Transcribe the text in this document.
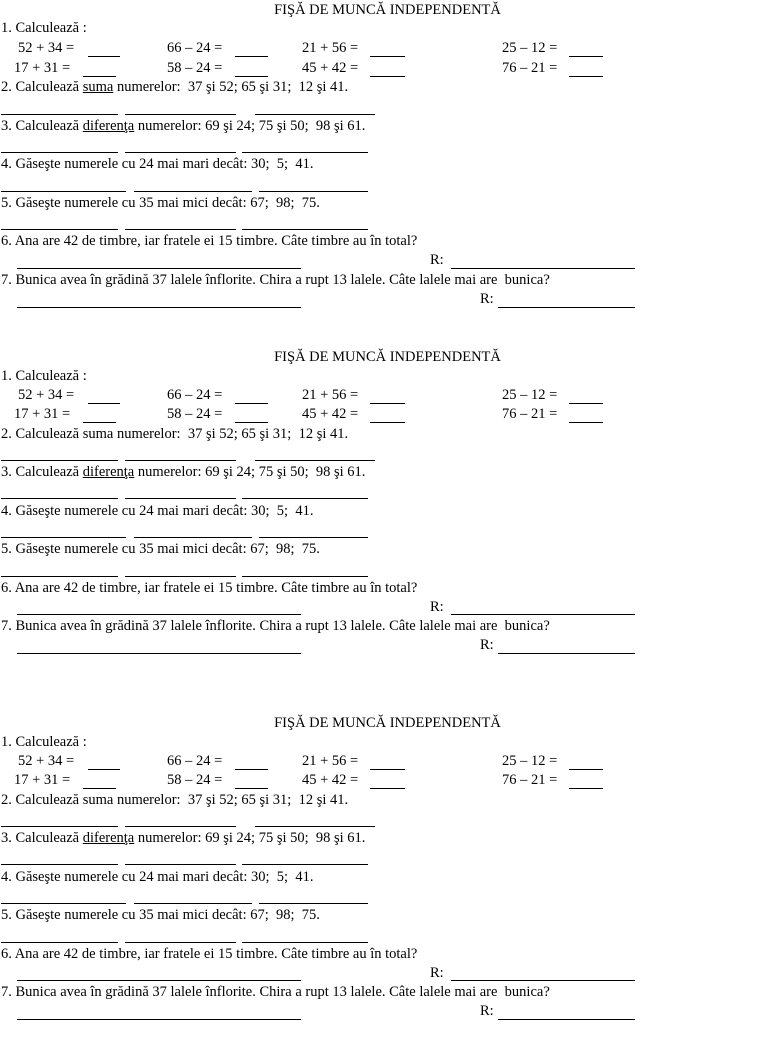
FIŞĂ DE MUNCĂ INDEPENDENTĂ
1. Calculează :
52 + 34 =	66 – 24 =	21 + 56 =	25 – 12 =
17 + 31 =	58 – 24 =	45 + 42 =	76 – 21 =
2. Calculează suma numerelor:  37 şi 52; 65 şi 31;  12 şi 41.
3. Calculează diferenţa numerelor: 69 şi 24; 75 şi 50;  98 şi 61.
4. Găseşte numerele cu 24 mai mari decât: 30;  5;  41.
5. Găseşte numerele cu 35 mai mici decât: 67;  98;  75.
6. Ana are 42 de timbre, iar fratele ei 15 timbre. Câte timbre au în total?
R:
7. Bunica avea în grădină 37 lalele înflorite. Chira a rupt 13 lalele. Câte lalele mai are  bunica?
R:
FIŞĂ DE MUNCĂ INDEPENDENTĂ
1. Calculează :
52 + 34 =	66 – 24 =	21 + 56 =	25 – 12 =
17 + 31 =	58 – 24 =	45 + 42 =	76 – 21 =
2. Calculează suma numerelor:  37 şi 52; 65 şi 31;  12 şi 41.
3. Calculează diferenţa numerelor: 69 şi 24; 75 şi 50;  98 şi 61.
4. Găseşte numerele cu 24 mai mari decât: 30;  5;  41.
5. Găseşte numerele cu 35 mai mici decât: 67;  98;  75.
6. Ana are 42 de timbre, iar fratele ei 15 timbre. Câte timbre au în total?
R:
7. Bunica avea în grădină 37 lalele înflorite. Chira a rupt 13 lalele. Câte lalele mai are  bunica?
R:
FIŞĂ DE MUNCĂ INDEPENDENTĂ
1. Calculează :
52 + 34 =	66 – 24 =	21 + 56 =	25 – 12 =
17 + 31 =	58 – 24 =	45 + 42 =	76 – 21 =
2. Calculează suma numerelor:  37 şi 52; 65 şi 31;  12 şi 41.
3. Calculează diferenţa numerelor: 69 şi 24; 75 şi 50;  98 şi 61.
4. Găseşte numerele cu 24 mai mari decât: 30;  5;  41.
5. Găseşte numerele cu 35 mai mici decât: 67;  98;  75.
6. Ana are 42 de timbre, iar fratele ei 15 timbre. Câte timbre au în total?
R:
7. Bunica avea în grădină 37 lalele înflorite. Chira a rupt 13 lalele. Câte lalele mai are  bunica?
R:
